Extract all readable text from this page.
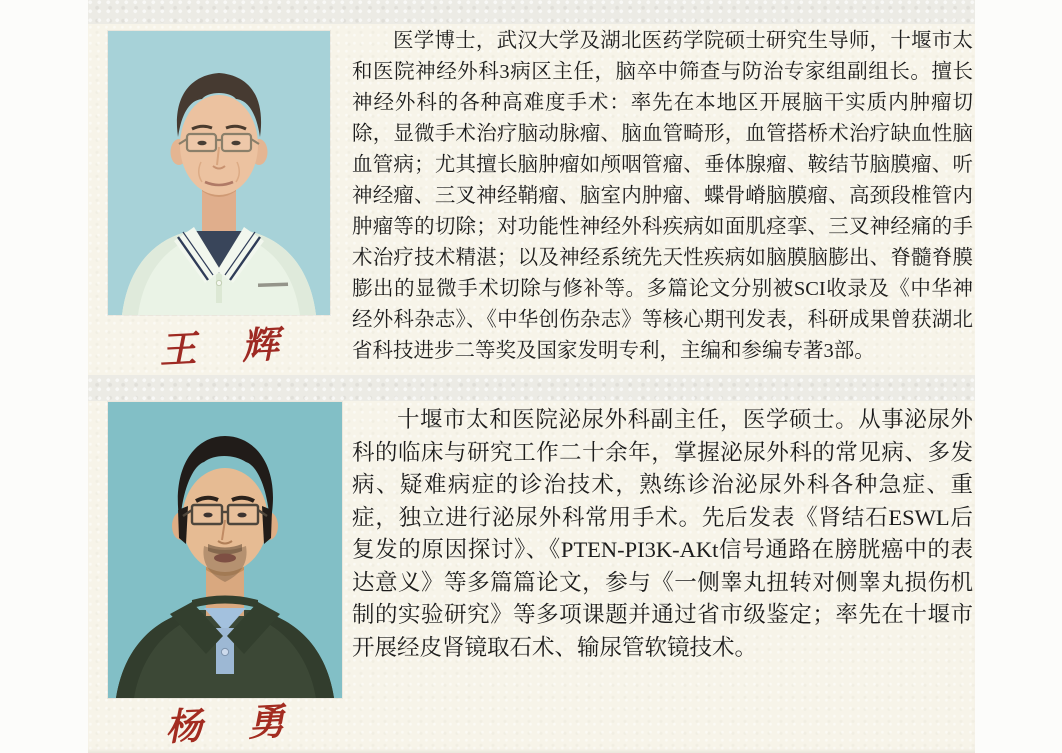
王 辉
医学博士，武汉大学及湖北医药学院硕士研究生导师，十堰市太和医院神经外科3病区主任，脑卒中筛查与防治专家组副组长。擅长神经外科的各种高难度手术：率先在本地区开展脑干实质内肿瘤切除，显微手术治疗脑动脉瘤、脑血管畸形，血管搭桥术治疗缺血性脑血管病；尤其擅长脑肿瘤如颅咽管瘤、垂体腺瘤、鞍结节脑膜瘤、听神经瘤、三叉神经鞘瘤、脑室内肿瘤、蝶骨嵴脑膜瘤、高颈段椎管内肿瘤等的切除；对功能性神经外科疾病如面肌痉挛、三叉神经痛的手术治疗技术精湛；以及神经系统先天性疾病如脑膜脑膨出、脊髓脊膜膨出的显微手术切除与修补等。多篇论文分别被SCI收录及《中华神经外科杂志》、《中华创伤杂志》等核心期刊发表，科研成果曾获湖北省科技进步二等奖及国家发明专利，主编和参编专著3部。
杨 勇
十堰市太和医院泌尿外科副主任，医学硕士。从事泌尿外科的临床与研究工作二十余年，掌握泌尿外科的常见病、多发病、疑难病症的诊治技术，熟练诊治泌尿外科各种急症、重症，独立进行泌尿外科常用手术。先后发表《肾结石ESWL后复发的原因探讨》、《PTEN-PI3K-AKt信号通路在膀胱癌中的表达意义》等多篇篇论文，参与《一侧睾丸扭转对侧睾丸损伤机制的实验研究》等多项课题并通过省市级鉴定；率先在十堰市开展经皮肾镜取石术、输尿管软镜技术。
